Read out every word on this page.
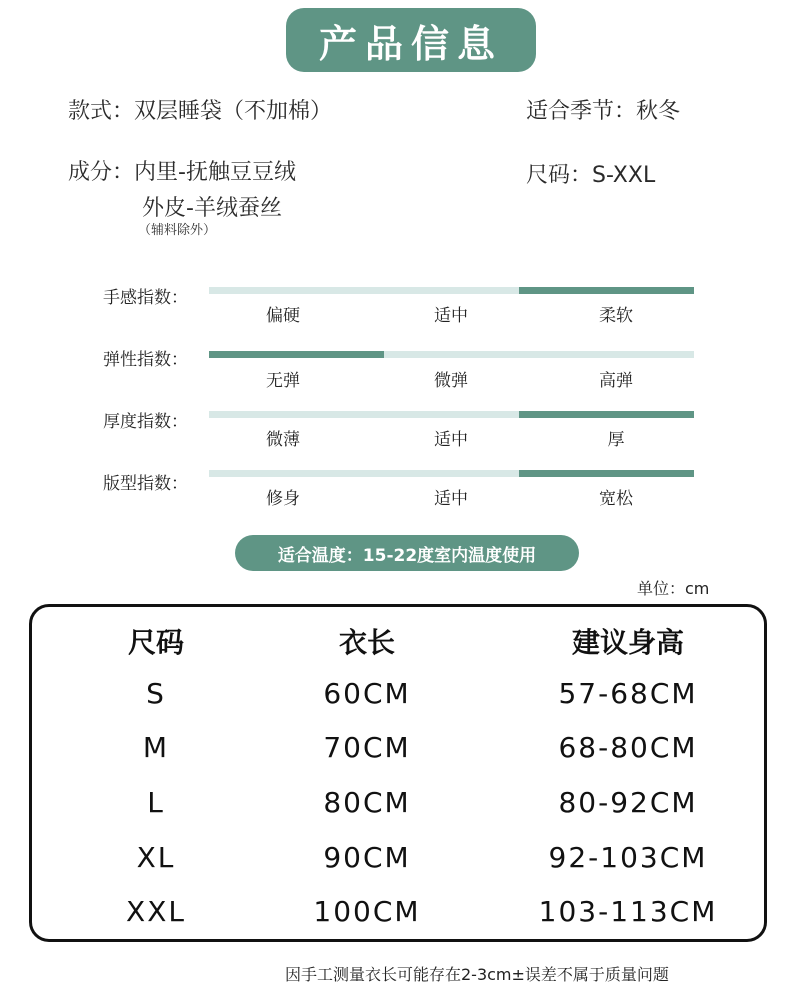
产品信息
款式：双层睡袋（不加棉）	适合季节：秋冬
成分：内里-抚触豆豆绒
外皮-羊绒蚕丝
（辅料除外）
尺码：S-XXL
手感指数：
偏硬	适中	柔软
弹性指数：
无弹	微弹	高弹
厚度指数：
微薄	适中	厚
版型指数：
修身	适中	宽松
适合温度：15-22度室内温度使用
单位：cm
尺码	衣长	建议身高
S	60CM	57-68CM
M	70CM	68-80CM
L	80CM	80-92CM
XL	90CM	92-103CM
XXL	100CM	103-113CM
因手工测量衣长可能存在2-3cm±误差不属于质量问题
